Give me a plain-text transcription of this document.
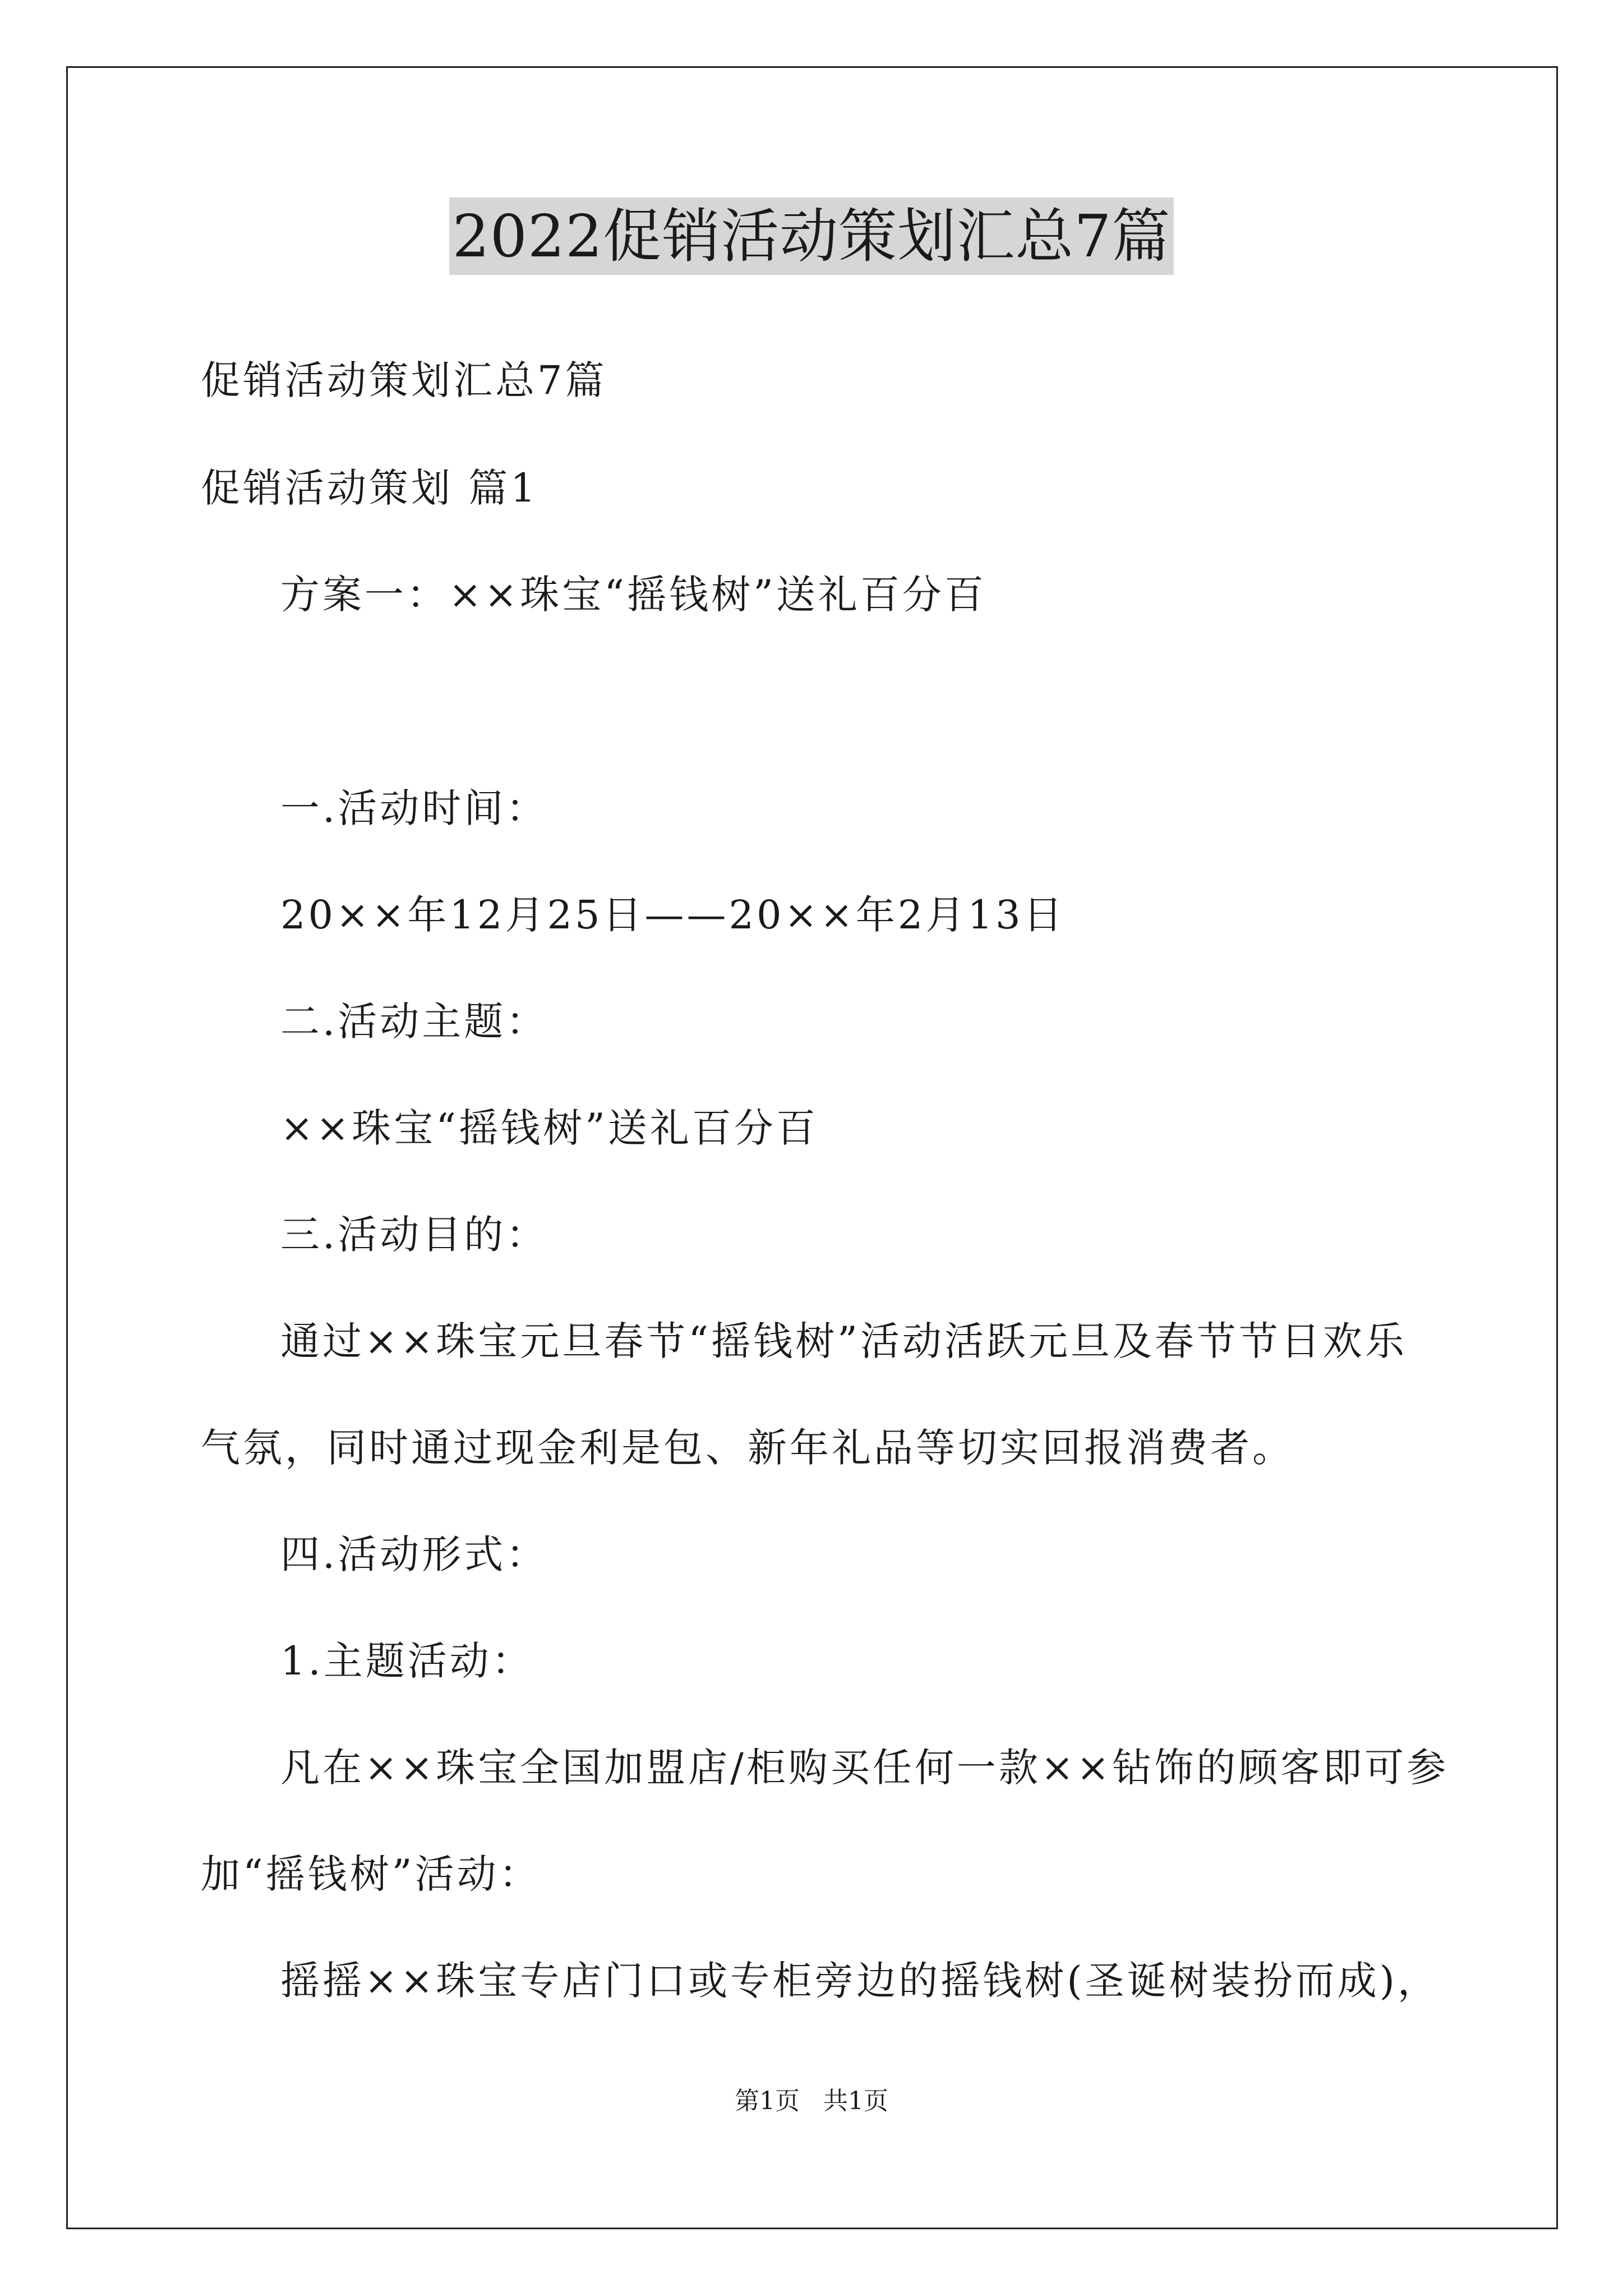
2022促销活动策划汇总7篇
促销活动策划汇总7篇
促销活动策划 篇1
方案一：××珠宝“摇钱树”送礼百分百
一.活动时间：
20××年12月25日——20××年2月13日
二.活动主题：
××珠宝“摇钱树”送礼百分百
三.活动目的：
通过××珠宝元旦春节“摇钱树”活动活跃元旦及春节节日欢乐
气氛，同时通过现金利是包、新年礼品等切实回报消费者。
四.活动形式：
1.主题活动：
凡在××珠宝全国加盟店/柜购买任何一款××钻饰的顾客即可参
加“摇钱树”活动：
摇摇××珠宝专店门口或专柜旁边的摇钱树(圣诞树装扮而成)，
第1页   共1页
